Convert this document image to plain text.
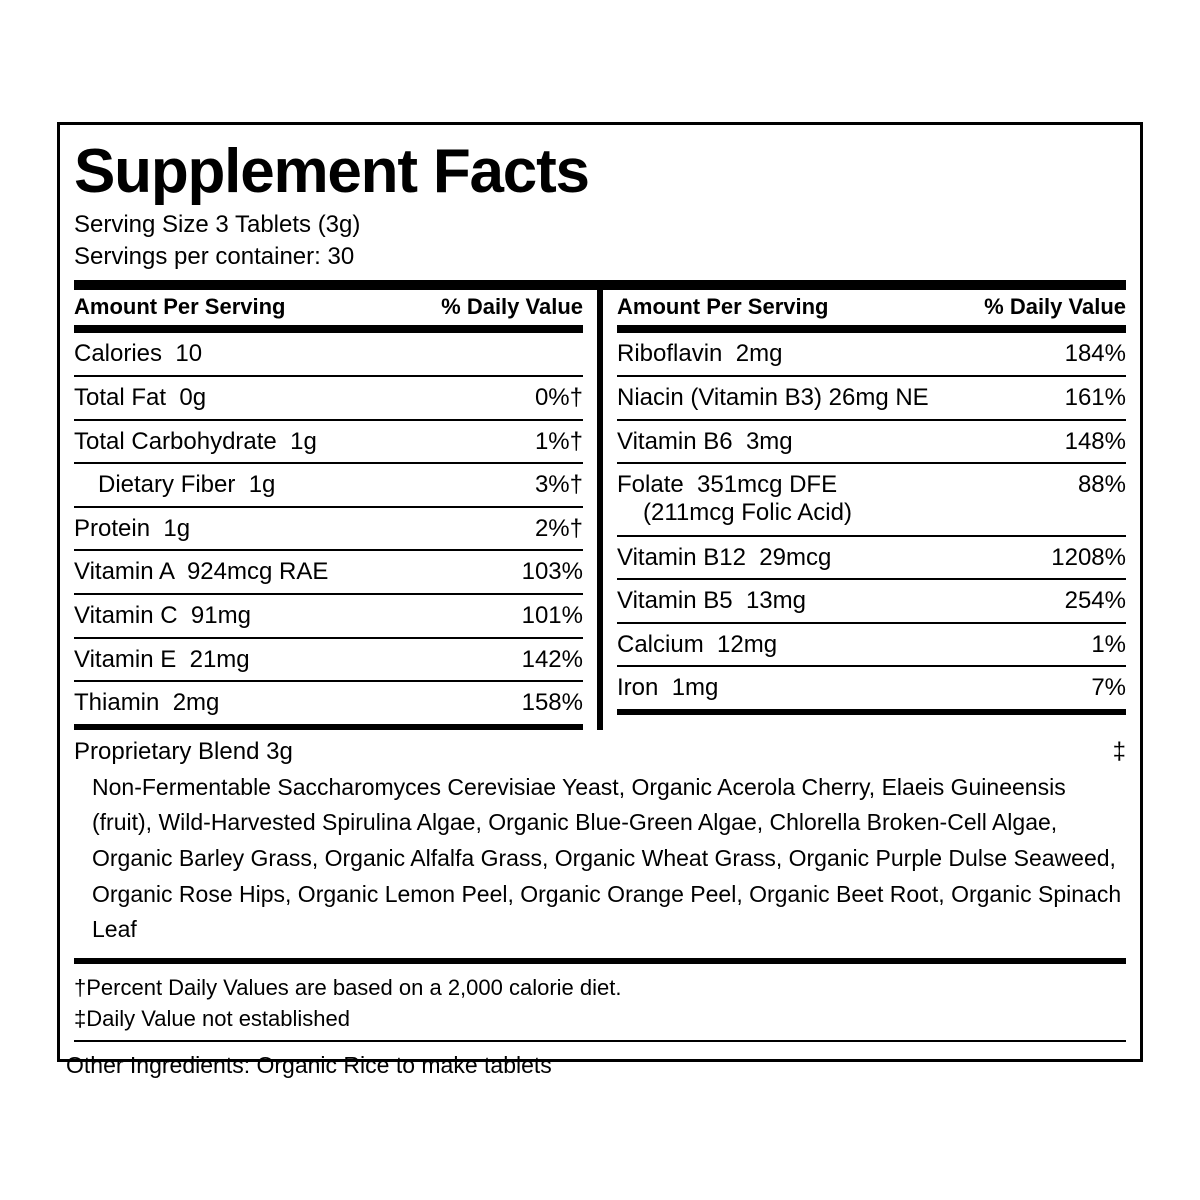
Supplement Facts
Serving Size 3 Tablets (3g)
Servings per container: 30
Amount Per Serving	% Daily Value
Calories  10
Total Fat  0g	0%†
Total Carbohydrate  1g	1%†
Dietary Fiber  1g	3%†
Protein  1g	2%†
Vitamin A  924mcg RAE	103%
Vitamin C  91mg	101%
Vitamin E  21mg	142%
Thiamin  2mg	158%
Amount Per Serving	% Daily Value
Riboflavin  2mg	184%
Niacin (Vitamin B3) 26mg NE	161%
Vitamin B6  3mg	148%
Folate  351mcg DFE	88%
(211mcg Folic Acid)
Vitamin B12  29mcg	1208%
Vitamin B5  13mg	254%
Calcium  12mg	1%
Iron  1mg	7%
Proprietary Blend 3g	‡
Non-Fermentable Saccharomyces Cerevisiae Yeast, Organic Acerola Cherry, Elaeis Guineensis (fruit), Wild-Harvested Spirulina Algae, Organic Blue-Green Algae, Chlorella Broken-Cell Algae, Organic Barley Grass, Organic Alfalfa Grass, Organic Wheat Grass, Organic Purple Dulse Seaweed, Organic Rose Hips, Organic Lemon Peel, Organic Orange Peel, Organic Beet Root, Organic Spinach Leaf
†Percent Daily Values are based on a 2,000 calorie diet.
‡Daily Value not established
Other Ingredients: Organic Rice to make tablets
